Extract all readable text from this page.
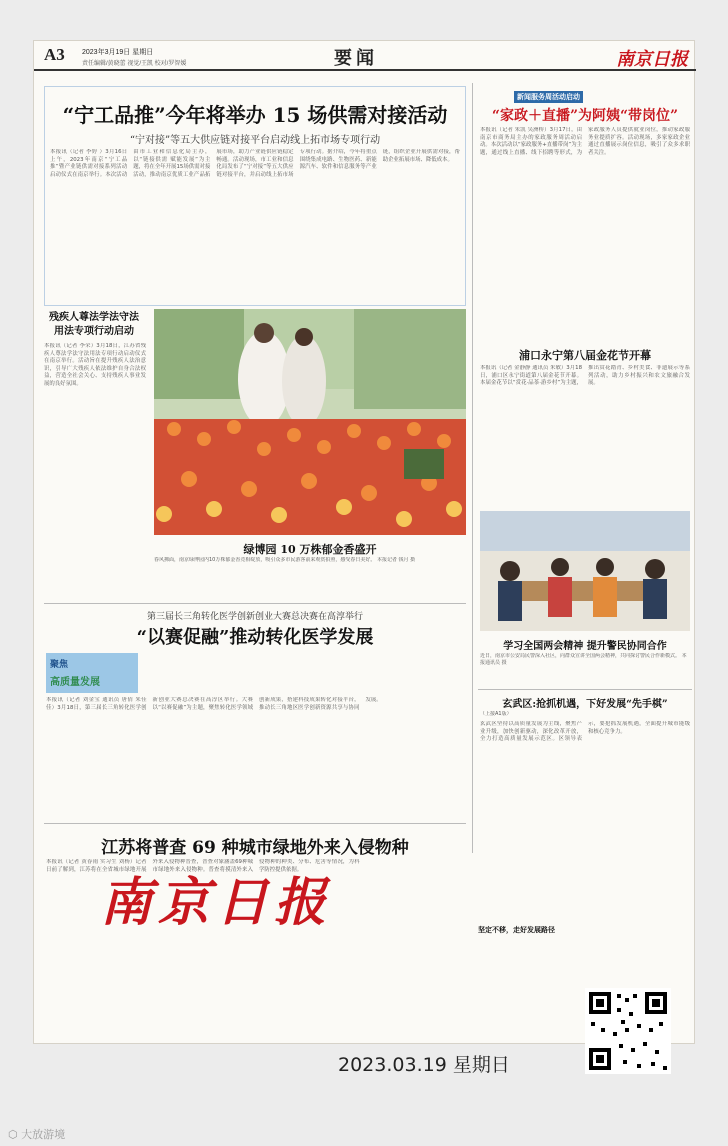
A3 2023年3月19日 星期日
责任编辑/黄晓蕾 视觉/王凯 校对/罗智媛	要闻	南京日报
“宁工品推”今年将举办 15 场供需对接活动
“宁对接”等五大供应链对接平台启动线上拓市场专项行动
本报讯（记者 李婷 ）3月16日上午，2023年南京“宁工品推”暨产业链供需对接系列活动启动仪式在南京举行。本次活动由市工业和信息化局主办，以“链接供需 赋能发展”为主题，将在全年开展15场供需对接活动，推动南京优质工业产品拓展市场，助力产业链供应链稳定畅通。活动现场，市工业和信息化局发布了“宁对接”等五大供应链对接平台，并启动线上拓市场专项行动。据介绍，今年将重点围绕集成电路、生物医药、新能源汽车、软件和信息服务等产业链，组织企业开展供需对接，帮助企业拓展市场、降低成本。
新闻服务周活动启动
“家政＋直播”为阿姨“带岗位”
本报讯（记者 朱凯 吴洲桥）3月17日，由南京市商务局主办的家政服务周活动启动。本次活动以“家政服务+直播带岗”为主题，通过线上直播、线下招聘等形式，为家政服务人员提供就业岗位，推动家政服务业提质扩容。活动现场，多家家政企业通过直播展示岗位信息，吸引了众多求职者关注。
残疾人尊法学法守法
用法专项行动启动
本报讯（记者 李荣）3月18日，江苏省残疾人尊法学法守法用法专项行动启动仪式在南京举行。活动旨在提升残疾人法治意识，引导广大残疾人依法维护自身合法权益，营造全社会关心、支持残疾人事业发展的良好氛围。
绿博园 10 万株郁金香盛开
春风拂面，南京绿博园内10万株郁金香竞相绽放，吸引众多市民游客前来观赏拍照，感受春日美好。 本报记者 钱月 摄
浦口永宁第八届金花节开幕
本报讯（记者 金静静 通讯员 朱敏）3月18日，浦口区永宁街道第八届金花节开幕。本届金花节以“赏花·品茶·游乡村”为主题，推出赏花踏青、乡村美食、非遗展示等系列活动，助力乡村振兴和农文旅融合发展。
学习全国两会精神 提升警民协同合作
近日，南京市公安局民警深入社区，向群众宣讲全国两会精神，共同探讨警民合作新模式。 本报通讯员 摄
第三届长三角转化医学创新创业大赛总决赛在高淳举行
“以赛促融”推动转化医学发展
聚焦
高质量发展
本报讯（记者 刘金宝 通讯员 唐倩 朱佳佳）3月18日，第三届长三角转化医学创新创业大赛总决赛在高淳区举行。大赛以“以赛促融”为主题，聚焦转化医学领域创新成果，搭建科技成果转化对接平台，推动长三角地区医学创新资源共享与协同发展。
江苏将普查 69 种城市绿地外来入侵物种
本报讯（记者 黄春雨 实习生 刘杨）记者日前了解到，江苏将在全省城市绿地开展外来入侵物种普查，普查对象涵盖69种城市绿地外来入侵物种。普查将摸清外来入侵物种的种类、分布、危害等情况，为科学防控提供依据。
玄武区:抢抓机遇，下好发展“先手棋”
（上接A1版）
玄武区坚持以高质量发展为主线，聚焦产业升级，加快创新驱动，深化改革开放，全力打造高质量发展示范区。区领导表示，要抢抓发展机遇，全面提升城市能级和核心竞争力。
坚定不移，走好发展路径
南京日报
2023.03.19 星期日
⬡ 大放游境
